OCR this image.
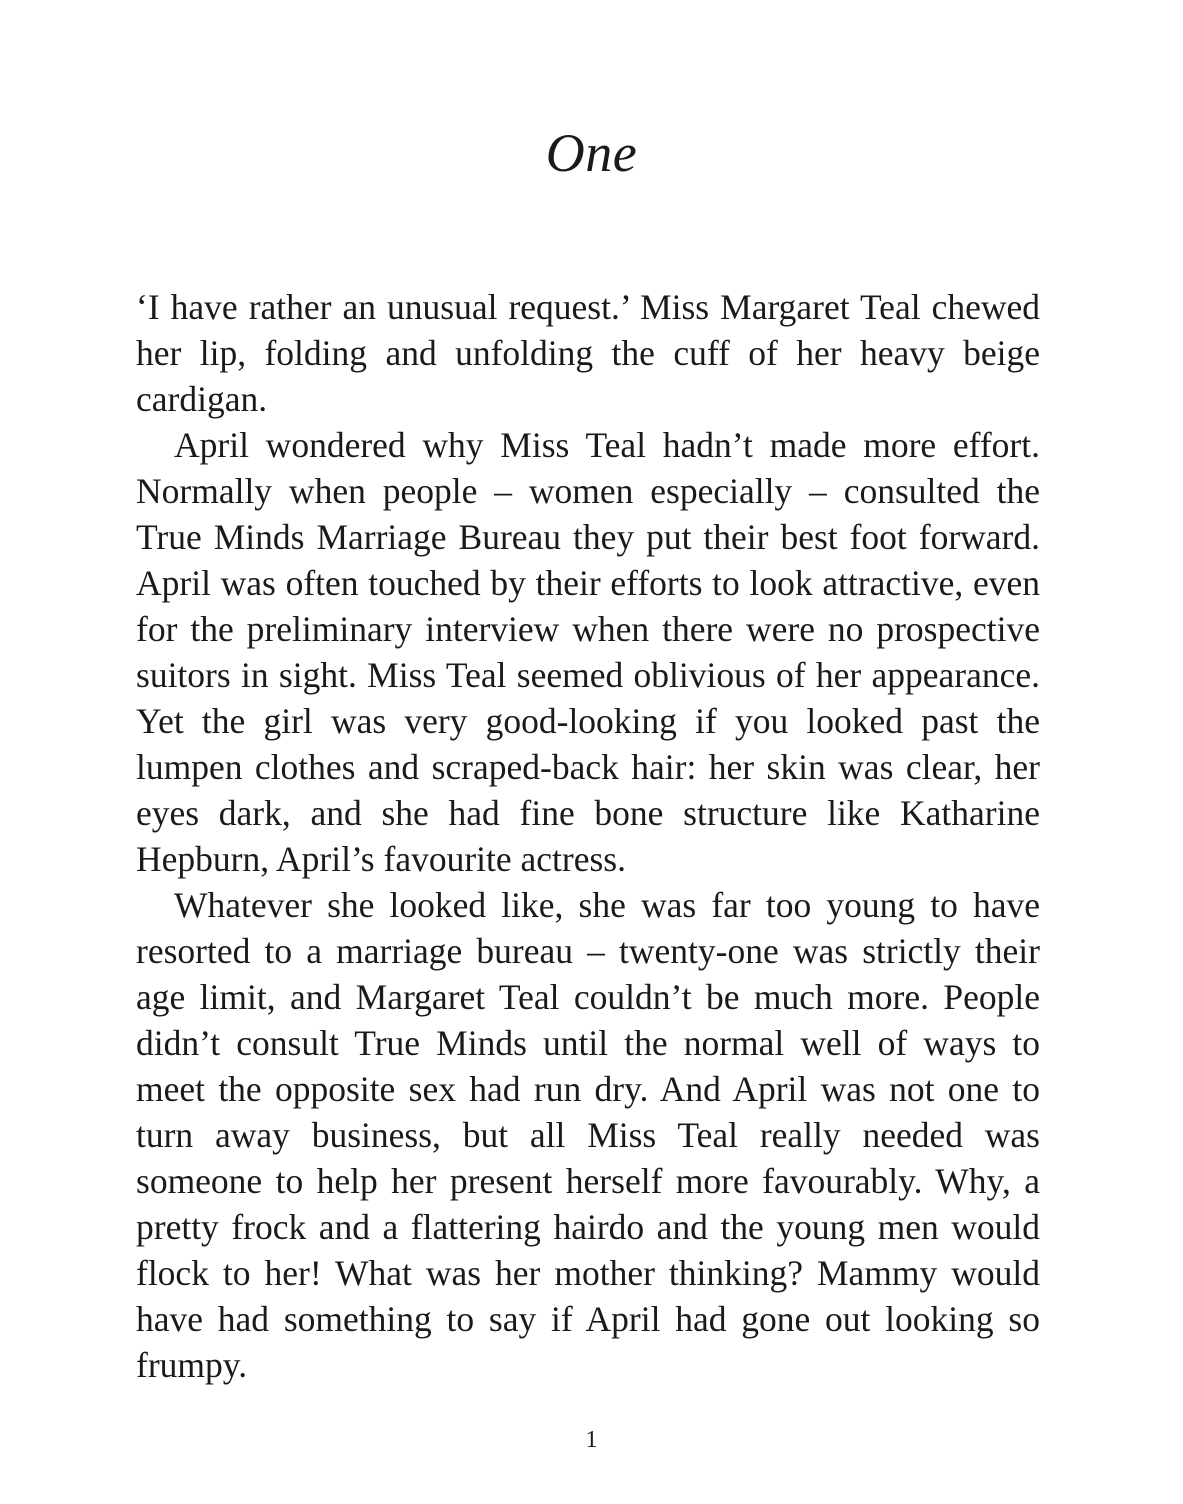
One

‘I have rather an unusual request.’ Miss Margaret Teal chewed her lip, folding and unfolding the cuff of her heavy beige cardigan.

April wondered why Miss Teal hadn’t made more effort. Normally when people – women especially – consulted the True Minds Marriage Bureau they put their best foot forward. April was often touched by their efforts to look attractive, even for the preliminary interview when there were no prospective suitors in sight. Miss Teal seemed oblivious of her appearance. Yet the girl was very good-looking if you looked past the lumpen clothes and scraped-back hair: her skin was clear, her eyes dark, and she had fine bone structure like Katharine Hepburn, April’s favourite actress.

Whatever she looked like, she was far too young to have resorted to a marriage bureau – twenty-one was strictly their age limit, and Margaret Teal couldn’t be much more. People didn’t consult True Minds until the normal well of ways to meet the opposite sex had run dry. And April was not one to turn away business, but all Miss Teal really needed was someone to help her present herself more favourably. Why, a pretty frock and a flattering hairdo and the young men would flock to her! What was her mother thinking? Mammy would have had something to say if April had gone out looking so frumpy.

1
